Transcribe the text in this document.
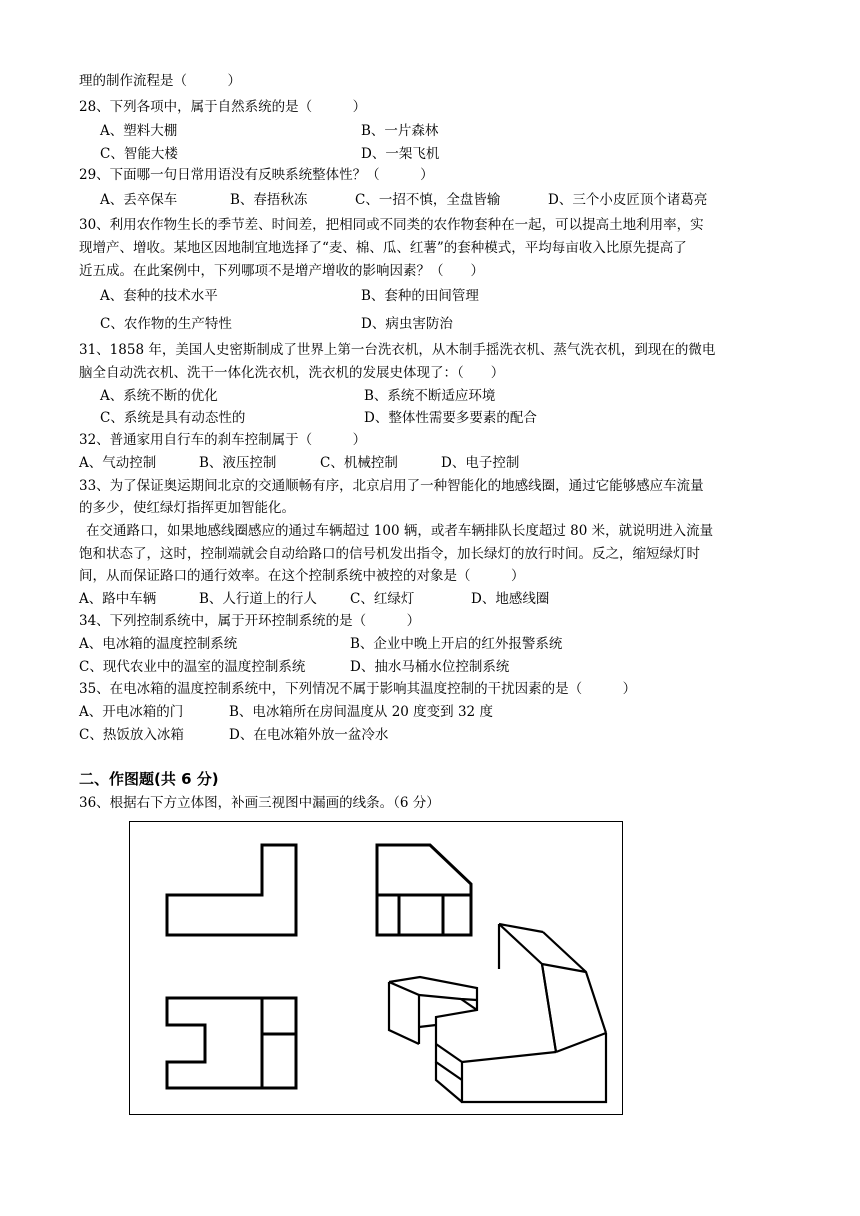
理的制作流程是（　　　）
28、下列各项中，属于自然系统的是（　　　）
A、塑料大棚	B、一片森林
C、智能大楼	D、一架飞机
29、下面哪一句日常用语没有反映系统整体性？（　　　）
A、丢卒保车	B、春捂秋冻	C、一招不慎，全盘皆输	D、三个小皮匠顶个诸葛亮
30、利用农作物生长的季节差、时间差，把相同或不同类的农作物套种在一起，可以提高土地利用率，实
现增产、增收。某地区因地制宜地选择了“麦、棉、瓜、红薯”的套种模式，平均每亩收入比原先提高了
近五成。在此案例中，下列哪项不是增产增收的影响因素？（　　）
A、套种的技术水平	B、套种的田间管理
C、农作物的生产特性	D、病虫害防治
31、1858 年，美国人史密斯制成了世界上第一台洗衣机，从木制手摇洗衣机、蒸气洗衣机，到现在的微电
脑全自动洗衣机、洗干一体化洗衣机，洗衣机的发展史体现了：（　　）
A、系统不断的优化	B、系统不断适应环境
C、系统是具有动态性的	D、整体性需要多要素的配合
32、普通家用自行车的刹车控制属于（　　　）
A、气动控制	B、液压控制	C、机械控制	D、电子控制
33、为了保证奥运期间北京的交通顺畅有序，北京启用了一种智能化的地感线圈，通过它能够感应车流量
的多少，使红绿灯指挥更加智能化。
在交通路口，如果地感线圈感应的通过车辆超过 100 辆，或者车辆排队长度超过 80 米，就说明进入流量
饱和状态了，这时，控制端就会自动给路口的信号机发出指令，加长绿灯的放行时间。反之，缩短绿灯时
间，从而保证路口的通行效率。在这个控制系统中被控的对象是（　　　）
A、路中车辆	B、人行道上的行人 C、红绿灯	D、地感线圈
34、下列控制系统中，属于开环控制系统的是（　　　）
A、电冰箱的温度控制系统	B、企业中晚上开启的红外报警系统
C、现代农业中的温室的温度控制系统	D、抽水马桶水位控制系统
35、在电冰箱的温度控制系统中，下列情况不属于影响其温度控制的干扰因素的是（　　　）
A、开电冰箱的门	B、电冰箱所在房间温度从 20 度变到 32 度
C、热饭放入冰箱	D、在电冰箱外放一盆冷水
二、作图题(共 6 分)
36、根据右下方立体图，补画三视图中漏画的线条。（6 分）
